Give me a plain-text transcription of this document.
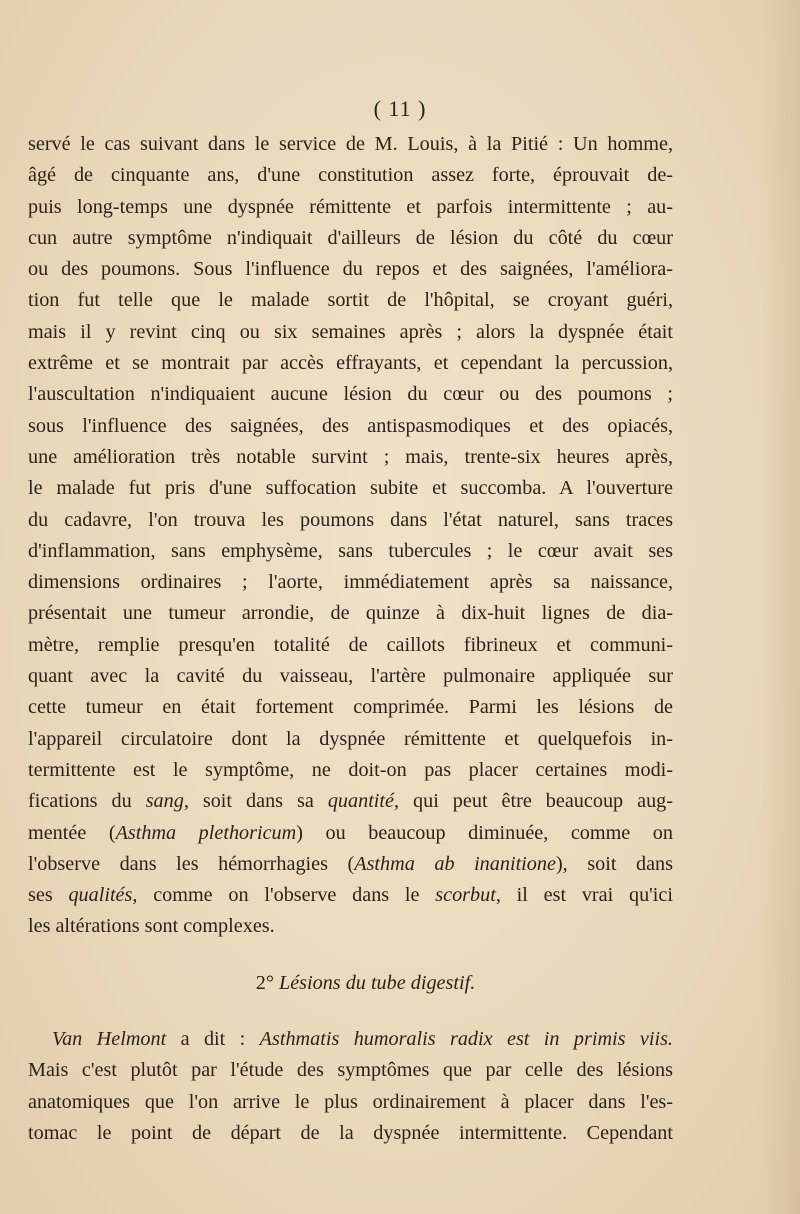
( 11 )
servé le cas suivant dans le service de M. Louis, à la Pitié : Un homme,
âgé de cinquante ans, d'une constitution assez forte, éprouvait de-
puis long-temps une dyspnée rémittente et parfois intermittente ; au-
cun autre symptôme n'indiquait d'ailleurs de lésion du côté du cœur
ou des poumons. Sous l'influence du repos et des saignées, l'améliora-
tion fut telle que le malade sortit de l'hôpital, se croyant guéri,
mais il y revint cinq ou six semaines après ; alors la dyspnée était
extrême et se montrait par accès effrayants, et cependant la percussion,
l'auscultation n'indiquaient aucune lésion du cœur ou des poumons ;
sous l'influence des saignées, des antispasmodiques et des opiacés,
une amélioration très notable survint ; mais, trente-six heures après,
le malade fut pris d'une suffocation subite et succomba. A l'ouverture
du cadavre, l'on trouva les poumons dans l'état naturel, sans traces
d'inflammation, sans emphysème, sans tubercules ; le cœur avait ses
dimensions ordinaires ; l'aorte, immédiatement après sa naissance,
présentait une tumeur arrondie, de quinze à dix-huit lignes de dia-
mètre, remplie presqu'en totalité de caillots fibrineux et communi-
quant avec la cavité du vaisseau, l'artère pulmonaire appliquée sur
cette tumeur en était fortement comprimée. Parmi les lésions de
l'appareil circulatoire dont la dyspnée rémittente et quelquefois in-
termittente est le symptôme, ne doit-on pas placer certaines modi-
fications du sang, soit dans sa quantité, qui peut être beaucoup aug-
mentée (Asthma plethoricum) ou beaucoup diminuée, comme on
l'observe dans les hémorrhagies (Asthma ab inanitione), soit dans
ses qualités, comme on l'observe dans le scorbut, il est vrai qu'ici
les altérations sont complexes.
2° Lésions du tube digestif.
Van Helmont a dit : Asthmatis humoralis radix est in primis viis.
Mais c'est plutôt par l'étude des symptômes que par celle des lésions
anatomiques que l'on arrive le plus ordinairement à placer dans l'es-
tomac le point de départ de la dyspnée intermittente. Cependant
